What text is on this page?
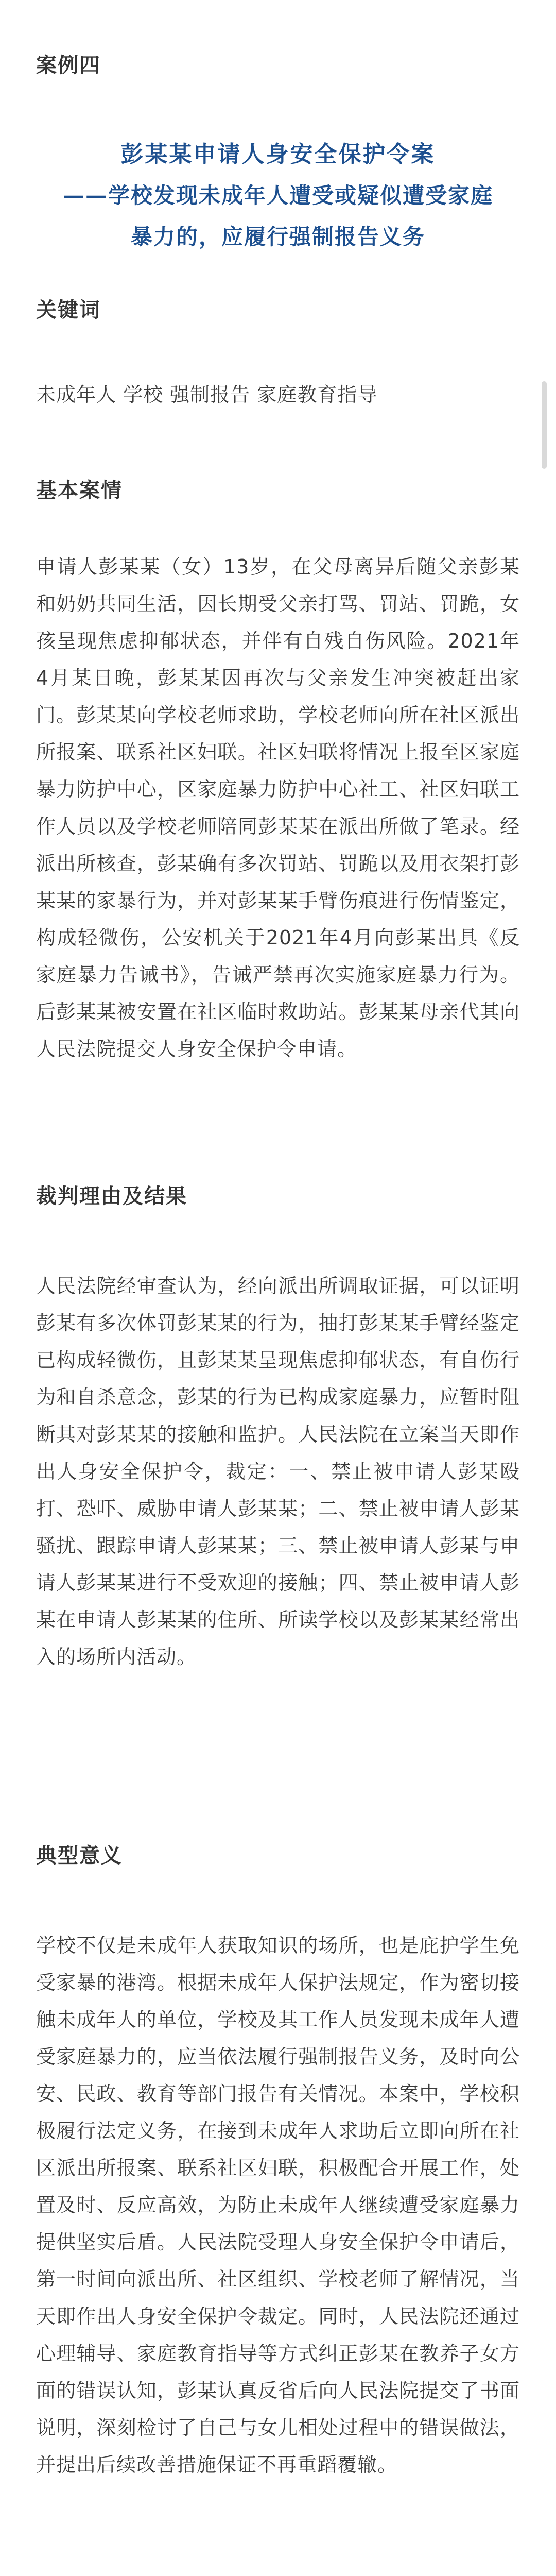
案例四
彭某某申请人身安全保护令案
——学校发现未成年人遭受或疑似遭受家庭暴力的，应履行强制报告义务
关键词

未成年人 学校 强制报告 家庭教育指导

基本案情

申请人彭某某（女）13岁，在父母离异后随父亲彭某和奶奶共同生活，因长期受父亲打骂、罚站、罚跪，女孩呈现焦虑抑郁状态，并伴有自残自伤风险。2021年4月某日晚，彭某某因再次与父亲发生冲突被赶出家门。彭某某向学校老师求助，学校老师向所在社区派出所报案、联系社区妇联。社区妇联将情况上报至区家庭暴力防护中心，区家庭暴力防护中心社工、社区妇联工作人员以及学校老师陪同彭某某在派出所做了笔录。经派出所核查，彭某确有多次罚站、罚跪以及用衣架打彭某某的家暴行为，并对彭某某手臂伤痕进行伤情鉴定，构成轻微伤，公安机关于2021年4月向彭某出具《反家庭暴力告诫书》，告诫严禁再次实施家庭暴力行为。后彭某某被安置在社区临时救助站。彭某某母亲代其向人民法院提交人身安全保护令申请。

裁判理由及结果

人民法院经审查认为，经向派出所调取证据，可以证明彭某有多次体罚彭某某的行为，抽打彭某某手臂经鉴定已构成轻微伤，且彭某某呈现焦虑抑郁状态，有自伤行为和自杀意念，彭某的行为已构成家庭暴力，应暂时阻断其对彭某某的接触和监护。人民法院在立案当天即作出人身安全保护令，裁定：一、禁止被申请人彭某殴打、恐吓、威胁申请人彭某某；二、禁止被申请人彭某骚扰、跟踪申请人彭某某；三、禁止被申请人彭某与申请人彭某某进行不受欢迎的接触；四、禁止被申请人彭某在申请人彭某某的住所、所读学校以及彭某某经常出入的场所内活动。

典型意义

学校不仅是未成年人获取知识的场所，也是庇护学生免受家暴的港湾。根据未成年人保护法规定，作为密切接触未成年人的单位，学校及其工作人员发现未成年人遭受家庭暴力的，应当依法履行强制报告义务，及时向公安、民政、教育等部门报告有关情况。本案中，学校积极履行法定义务，在接到未成年人求助后立即向所在社区派出所报案、联系社区妇联，积极配合开展工作，处置及时、反应高效，为防止未成年人继续遭受家庭暴力提供坚实后盾。人民法院受理人身安全保护令申请后，第一时间向派出所、社区组织、学校老师了解情况，当天即作出人身安全保护令裁定。同时，人民法院还通过心理辅导、家庭教育指导等方式纠正彭某在教养子女方面的错误认知，彭某认真反省后向人民法院提交了书面说明，深刻检讨了自己与女儿相处过程中的错误做法，并提出后续改善措施保证不再重蹈覆辙。
